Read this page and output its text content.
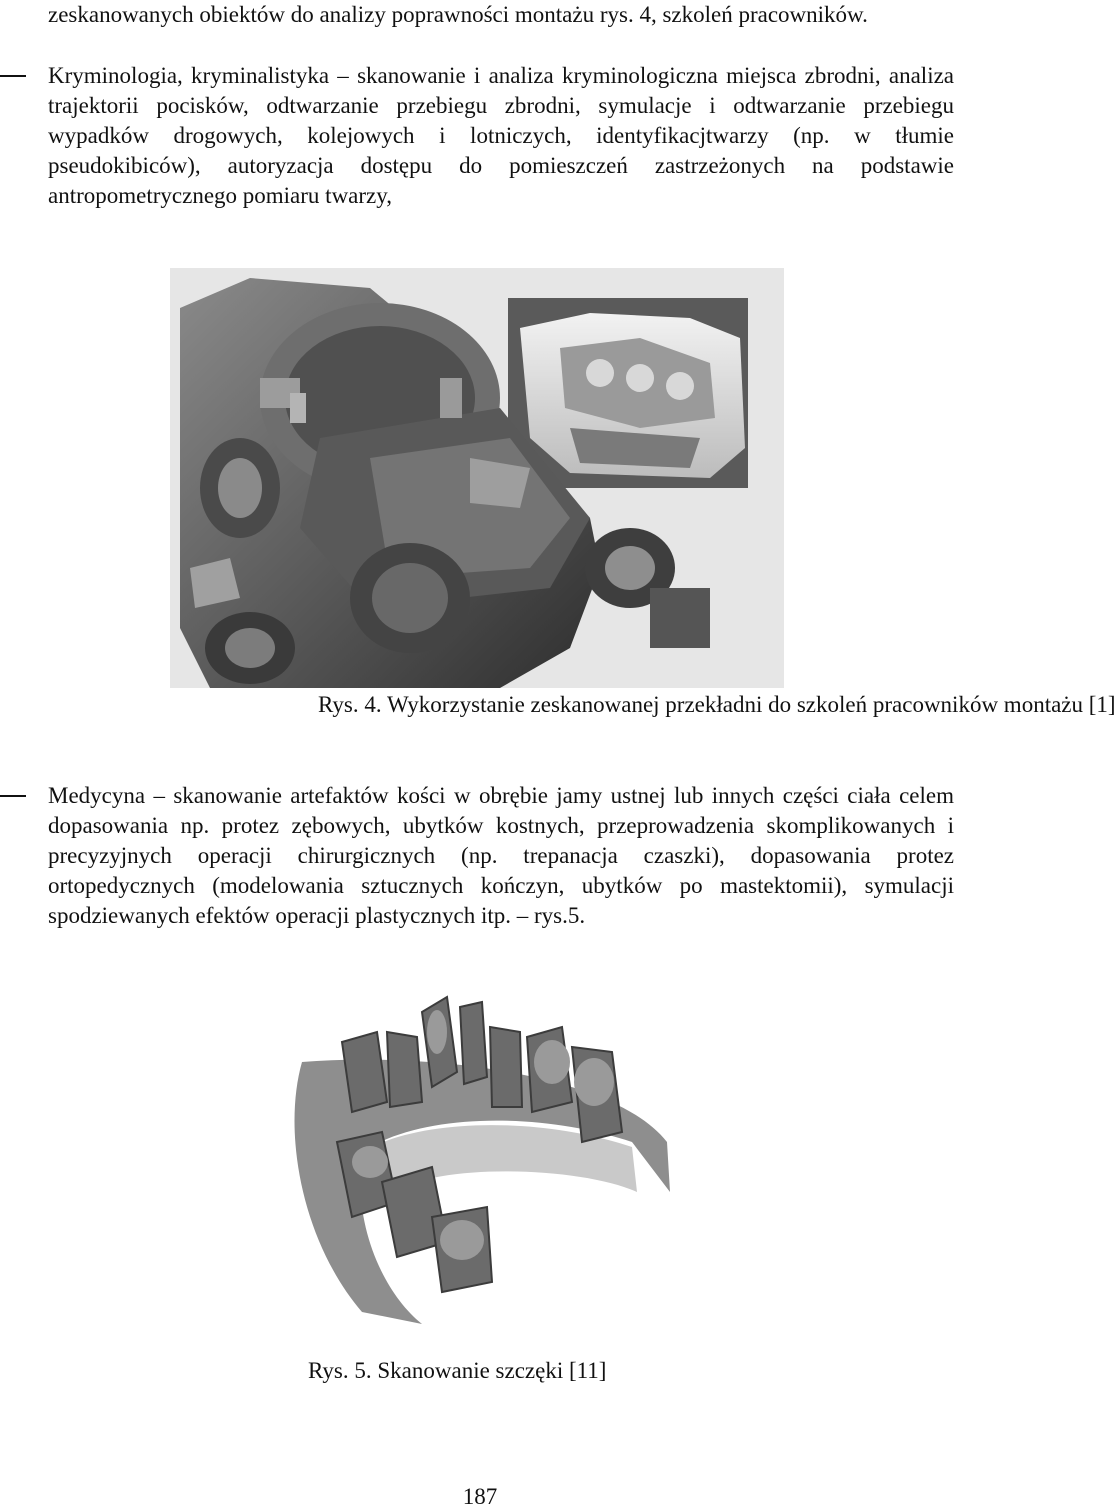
zeskanowanych obiektów do analizy poprawności montażu rys. 4, szkoleń pracowników.
Kryminologia, kryminalistyka – skanowanie i analiza kryminologiczna miejsca zbrodni, analiza trajektorii pocisków, odtwarzanie przebiegu zbrodni, symulacje i odtwarzanie przebiegu wypadków drogowych, kolejowych i lotniczych, identyfikacjtwarzy (np. w tłumie pseudokibiców), autoryzacja dostępu do pomieszczeń zastrzeżonych na podstawie antropometrycznego pomiaru twarzy,
Rys. 4. Wykorzystanie zeskanowanej przekładni do szkoleń pracowników montażu [1]
Medycyna – skanowanie artefaktów kości w obrębie jamy ustnej lub innych części ciała celem dopasowania np. protez zębowych, ubytków kostnych, przeprowadzenia skomplikowanych i precyzyjnych operacji chirurgicznych (np. trepanacja czaszki), dopasowania protez ortopedycznych (modelowania sztucznych kończyn, ubytków po mastektomii), symulacji spodziewanych efektów operacji plastycznych itp. – rys.5.
Rys. 5. Skanowanie szczęki [11]
187
